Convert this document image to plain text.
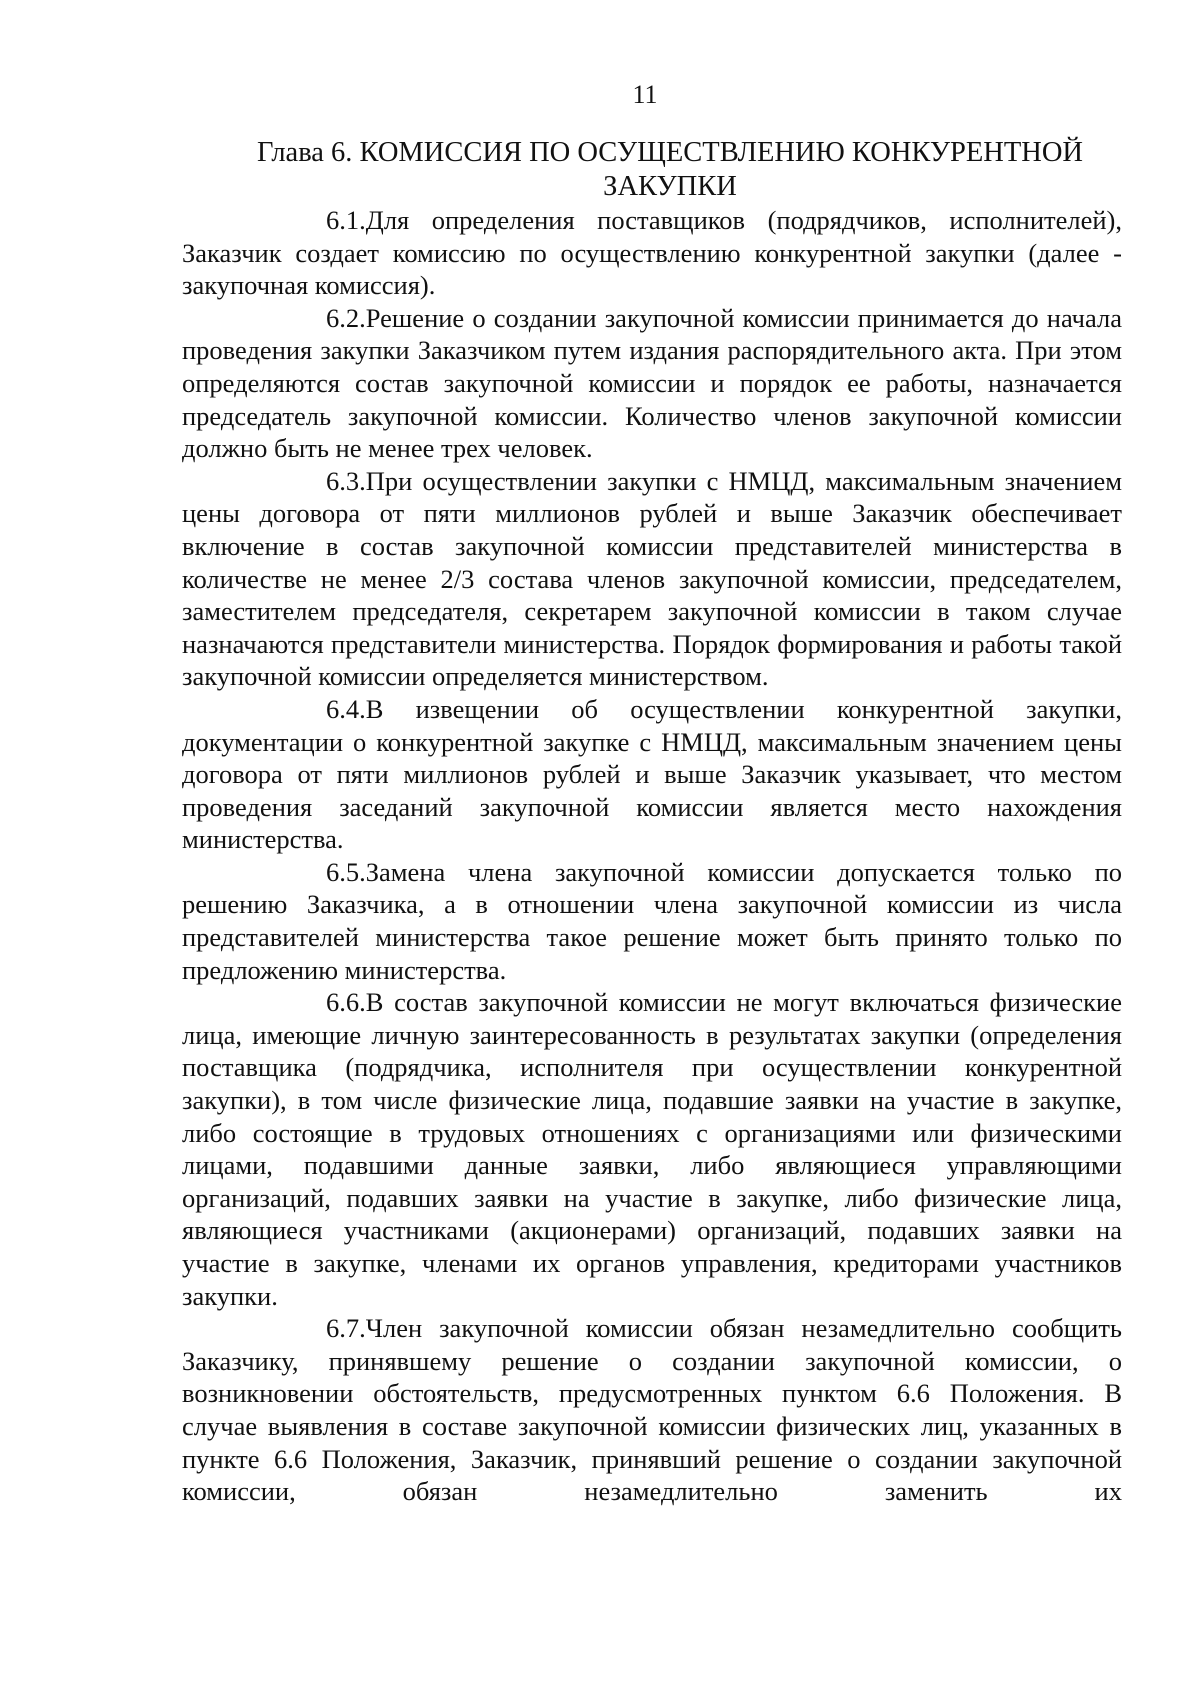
11
Глава 6. КОМИССИЯ ПО ОСУЩЕСТВЛЕНИЮ КОНКУРЕНТНОЙ
ЗАКУПКИ

6.1.Для определения поставщиков (подрядчиков, исполнителей), Заказчик создает комиссию по осуществлению конкурентной закупки (далее - закупочная комиссия).

6.2.Решение о создании закупочной комиссии принимается до начала проведения закупки Заказчиком путем издания распорядительного акта. При этом определяются состав закупочной комиссии и порядок ее работы, назначается председатель закупочной комиссии. Количество членов закупочной комиссии должно быть не менее трех человек.

6.3.При осуществлении закупки с НМЦД, максимальным значением цены договора от пяти миллионов рублей и выше Заказчик обеспечивает включение в состав закупочной комиссии представителей министерства в количестве не менее 2/3 состава членов закупочной комиссии, председателем, заместителем председателя, секретарем закупочной комиссии в таком случае назначаются представители министерства. Порядок формирования и работы такой закупочной комиссии определяется министерством.

6.4.В извещении об осуществлении конкурентной закупки, документации о конкурентной закупке с НМЦД, максимальным значением цены договора от пяти миллионов рублей и выше Заказчик указывает, что местом проведения заседаний закупочной комиссии является место нахождения министерства.

6.5.Замена члена закупочной комиссии допускается только по решению Заказчика, а в отношении члена закупочной комиссии из числа представителей министерства такое решение может быть принято только по предложению министерства.

6.6.В состав закупочной комиссии не могут включаться физические лица, имеющие личную заинтересованность в результатах закупки (определения поставщика (подрядчика, исполнителя при осуществлении конкурентной закупки), в том числе физические лица, подавшие заявки на участие в закупке, либо состоящие в трудовых отношениях с организациями или физическими лицами, подавшими данные заявки, либо являющиеся управляющими организаций, подавших заявки на участие в закупке, либо физические лица, являющиеся участниками (акционерами) организаций, подавших заявки на участие в закупке, членами их органов управления, кредиторами участников закупки.

6.7.Член закупочной комиссии обязан незамедлительно сообщить Заказчику, принявшему решение о создании закупочной комиссии, о возникновении обстоятельств, предусмотренных пунктом 6.6 Положения. В случае выявления в составе закупочной комиссии физических лиц, указанных в пункте 6.6 Положения, Заказчик, принявший решение о создании закупочной комиссии, обязан незамедлительно заменить их
